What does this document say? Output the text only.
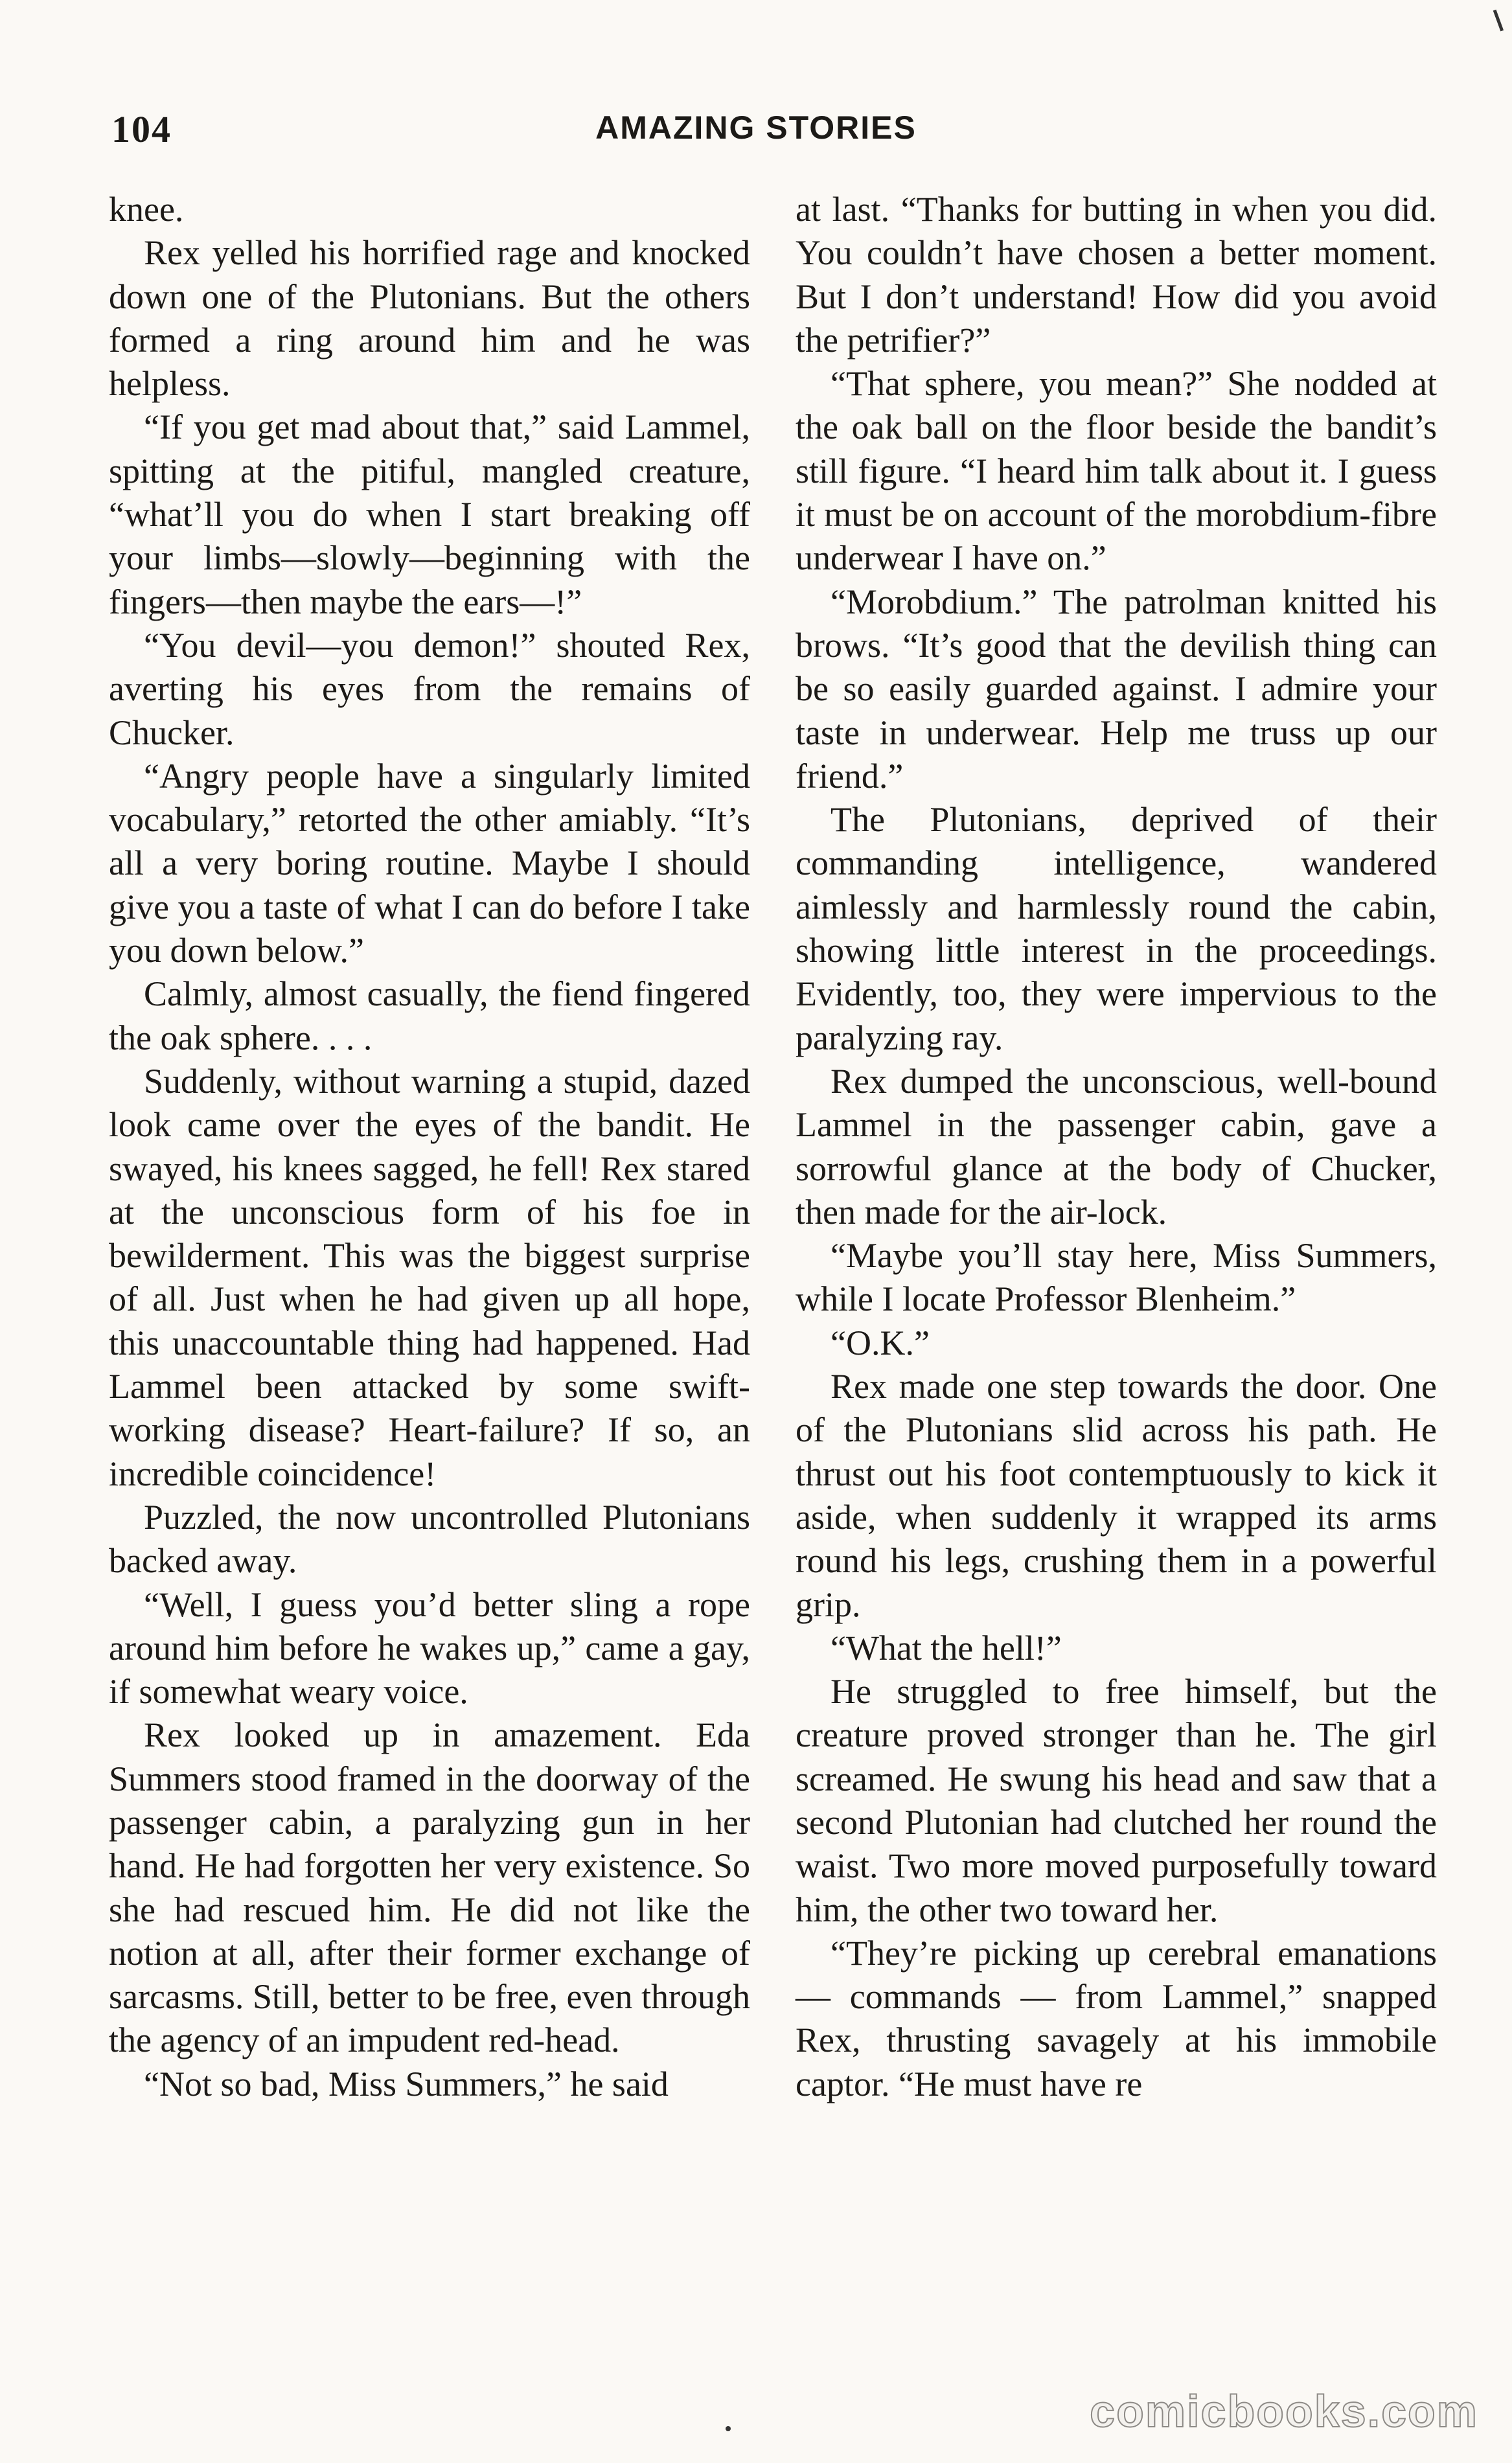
104	AMAZING STORIES

knee.

Rex yelled his horrified rage and knocked down one of the Plutonians. But the others formed a ring around him and he was helpless.

“If you get mad about that,” said Lammel, spitting at the pitiful, mangled creature, “what’ll you do when I start breaking off your limbs—slowly—beginning with the fingers—then maybe the ears—!”

“You devil—you demon!” shouted Rex, averting his eyes from the remains of Chucker.

“Angry people have a singularly limited vocabulary,” retorted the other amiably. “It’s all a very boring routine. Maybe I should give you a taste of what I can do before I take you down below.”

Calmly, almost casually, the fiend fingered the oak sphere. . . .

Suddenly, without warning a stupid, dazed look came over the eyes of the bandit. He swayed, his knees sagged, he fell! Rex stared at the unconscious form of his foe in bewilderment. This was the biggest surprise of all. Just when he had given up all hope, this unaccountable thing had happened. Had Lammel been attacked by some swift-working disease? Heart-failure? If so, an incredible coincidence!

Puzzled, the now uncontrolled Plutonians backed away.

“Well, I guess you’d better sling a rope around him before he wakes up,” came a gay, if somewhat weary voice.

Rex looked up in amazement. Eda Summers stood framed in the doorway of the passenger cabin, a paralyzing gun in her hand. He had forgotten her very existence. So she had rescued him. He did not like the notion at all, after their former exchange of sarcasms. Still, better to be free, even through the agency of an impudent red-head.

“Not so bad, Miss Summers,” he said

at last. “Thanks for butting in when you did. You couldn’t have chosen a better moment. But I don’t understand! How did you avoid the petrifier?”

“That sphere, you mean?” She nodded at the oak ball on the floor beside the bandit’s still figure. “I heard him talk about it. I guess it must be on account of the morobdium-fibre underwear I have on.”

“Morobdium.” The patrolman knitted his brows. “It’s good that the devilish thing can be so easily guarded against. I admire your taste in underwear. Help me truss up our friend.”

The Plutonians, deprived of their commanding intelligence, wandered aimlessly and harmlessly round the cabin, showing little interest in the proceedings. Evidently, too, they were impervious to the paralyzing ray.

Rex dumped the unconscious, well-bound Lammel in the passenger cabin, gave a sorrowful glance at the body of Chucker, then made for the air-lock.

“Maybe you’ll stay here, Miss Summers, while I locate Professor Blenheim.”

“O.K.”

Rex made one step towards the door. One of the Plutonians slid across his path. He thrust out his foot contemptuously to kick it aside, when suddenly it wrapped its arms round his legs, crushing them in a powerful grip.

“What the hell!”

He struggled to free himself, but the creature proved stronger than he. The girl screamed. He swung his head and saw that a second Plutonian had clutched her round the waist. Two more moved purposefully toward him, the other two toward her.

“They’re picking up cerebral emanations — commands — from Lammel,” snapped Rex, thrusting savagely at his immobile captor. “He must have re

comicbooks.com
